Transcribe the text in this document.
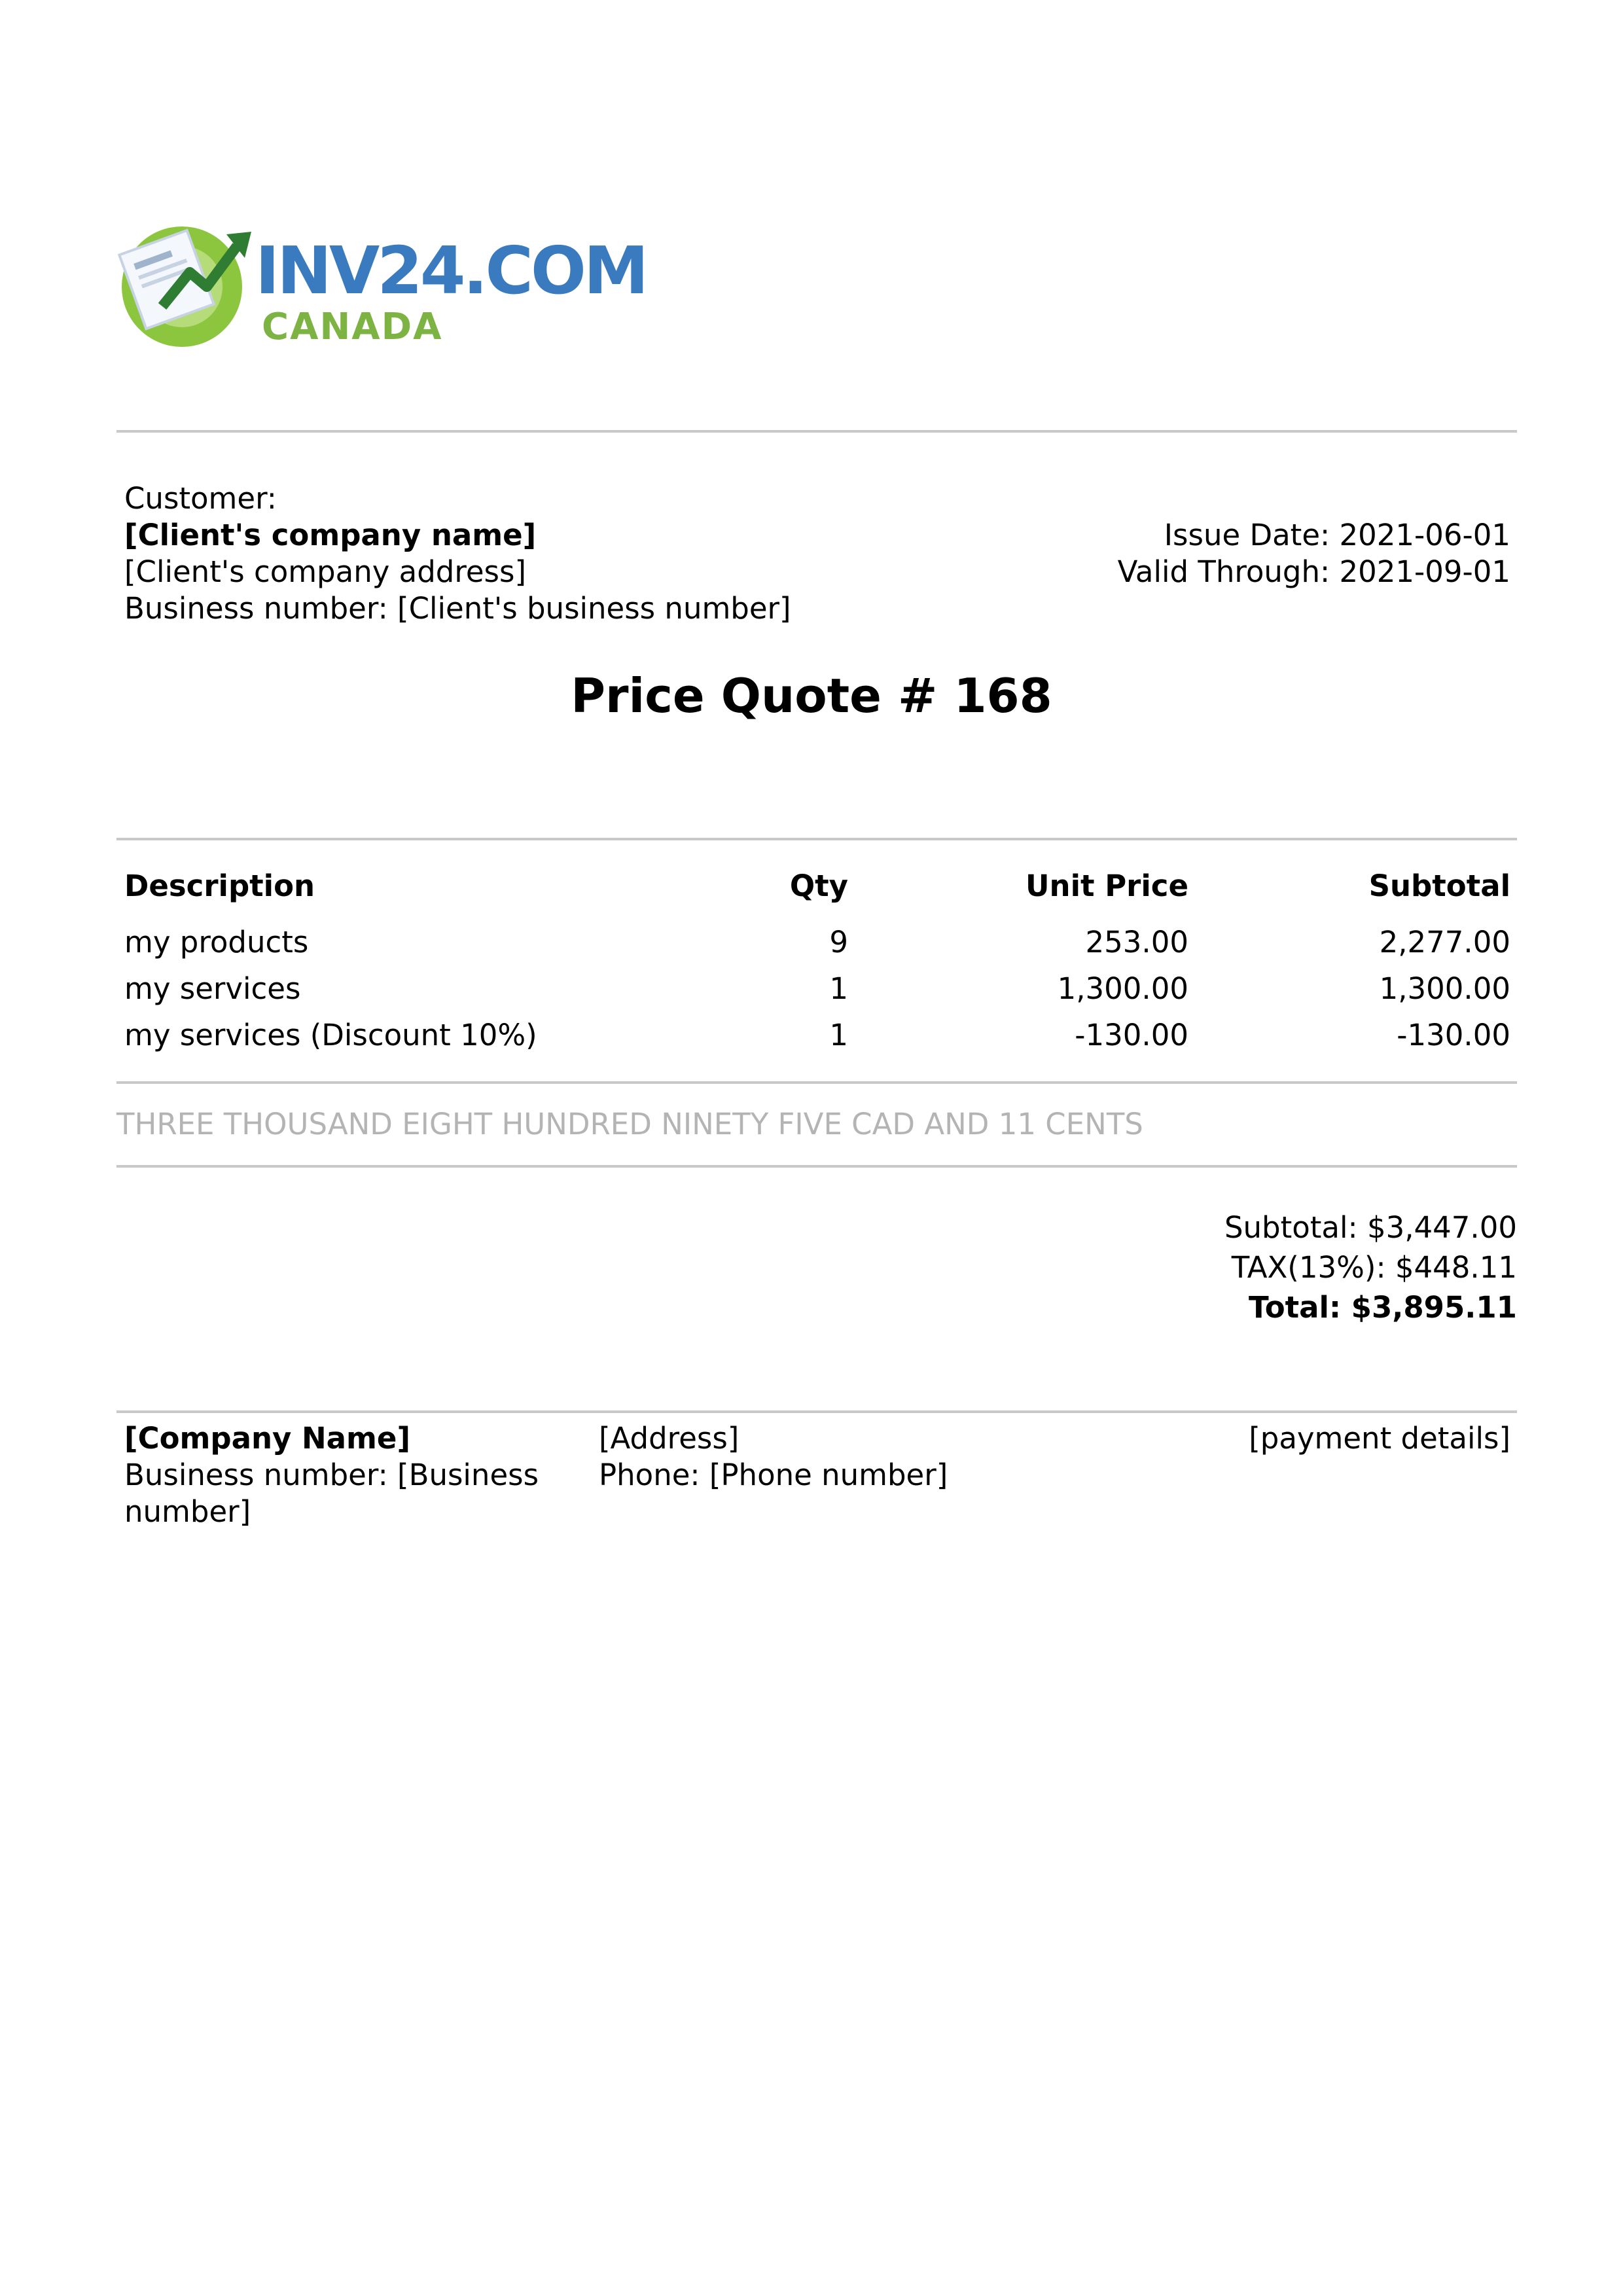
INV24.COM
CANADA
Customer:
[Client's company name]
[Client's company address]
Business number: [Client's business number]
Issue Date: 2021-06-01
Valid Through: 2021-09-01
Price Quote # 168
Description	Qty	Unit Price	Subtotal
my products	9	253.00	2,277.00
my services	1	1,300.00	1,300.00
my services (Discount 10%)	1	-130.00	-130.00
THREE THOUSAND EIGHT HUNDRED NINETY FIVE CAD AND 11 CENTS
Subtotal: $3,447.00
TAX(13%): $448.11
Total: $3,895.11
[Company Name]
Business number: [Business
number]
[Address]
Phone: [Phone number]
[payment details]
